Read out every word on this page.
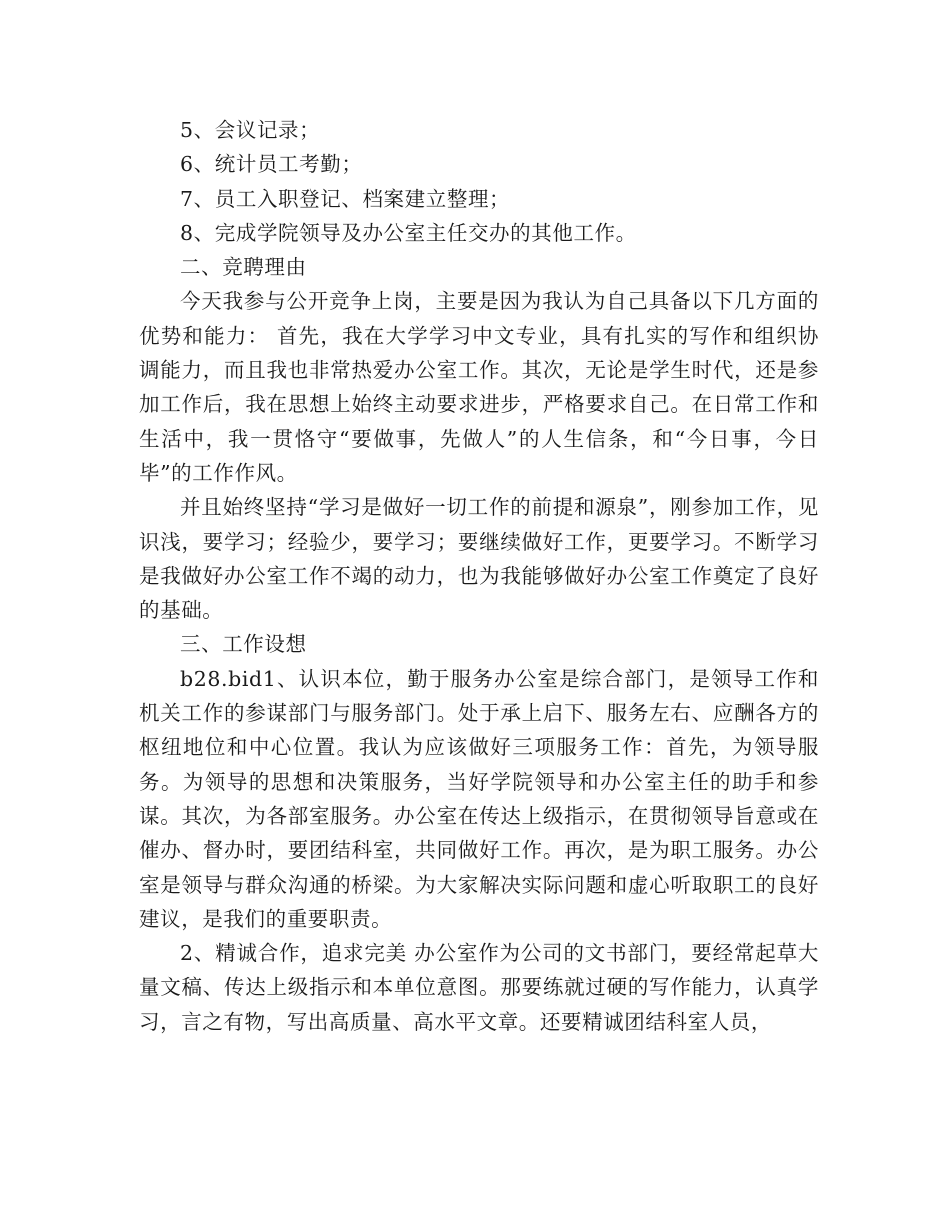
5、会议记录；

6、统计员工考勤；

7、员工入职登记、档案建立整理；

8、完成学院领导及办公室主任交办的其他工作。

二、竞聘理由

今天我参与公开竞争上岗，主要是因为我认为自己具备以下几方面的优势和能力： 首先，我在大学学习中文专业，具有扎实的写作和组织协调能力，而且我也非常热爱办公室工作。其次，无论是学生时代，还是参加工作后，我在思想上始终主动要求进步，严格要求自己。在日常工作和生活中，我一贯恪守“要做事，先做人”的人生信条，和“今日事，今日毕”的工作作风。

并且始终坚持“学习是做好一切工作的前提和源泉”，刚参加工作，见识浅，要学习；经验少，要学习；要继续做好工作，更要学习。不断学习是我做好办公室工作不竭的动力，也为我能够做好办公室工作奠定了良好的基础。

三、工作设想

b28.bid1、认识本位，勤于服务办公室是综合部门，是领导工作和机关工作的参谋部门与服务部门。处于承上启下、服务左右、应酬各方的枢纽地位和中心位置。我认为应该做好三项服务工作：首先，为领导服务。为领导的思想和决策服务，当好学院领导和办公室主任的助手和参谋。其次，为各部室服务。办公室在传达上级指示，在贯彻领导旨意或在催办、督办时，要团结科室，共同做好工作。再次，是为职工服务。办公室是领导与群众沟通的桥梁。为大家解决实际问题和虚心听取职工的良好建议，是我们的重要职责。

2、精诚合作，追求完美 办公室作为公司的文书部门，要经常起草大量文稿、传达上级指示和本单位意图。那要练就过硬的写作能力，认真学习，言之有物，写出高质量、高水平文章。还要精诚团结科室人员，
